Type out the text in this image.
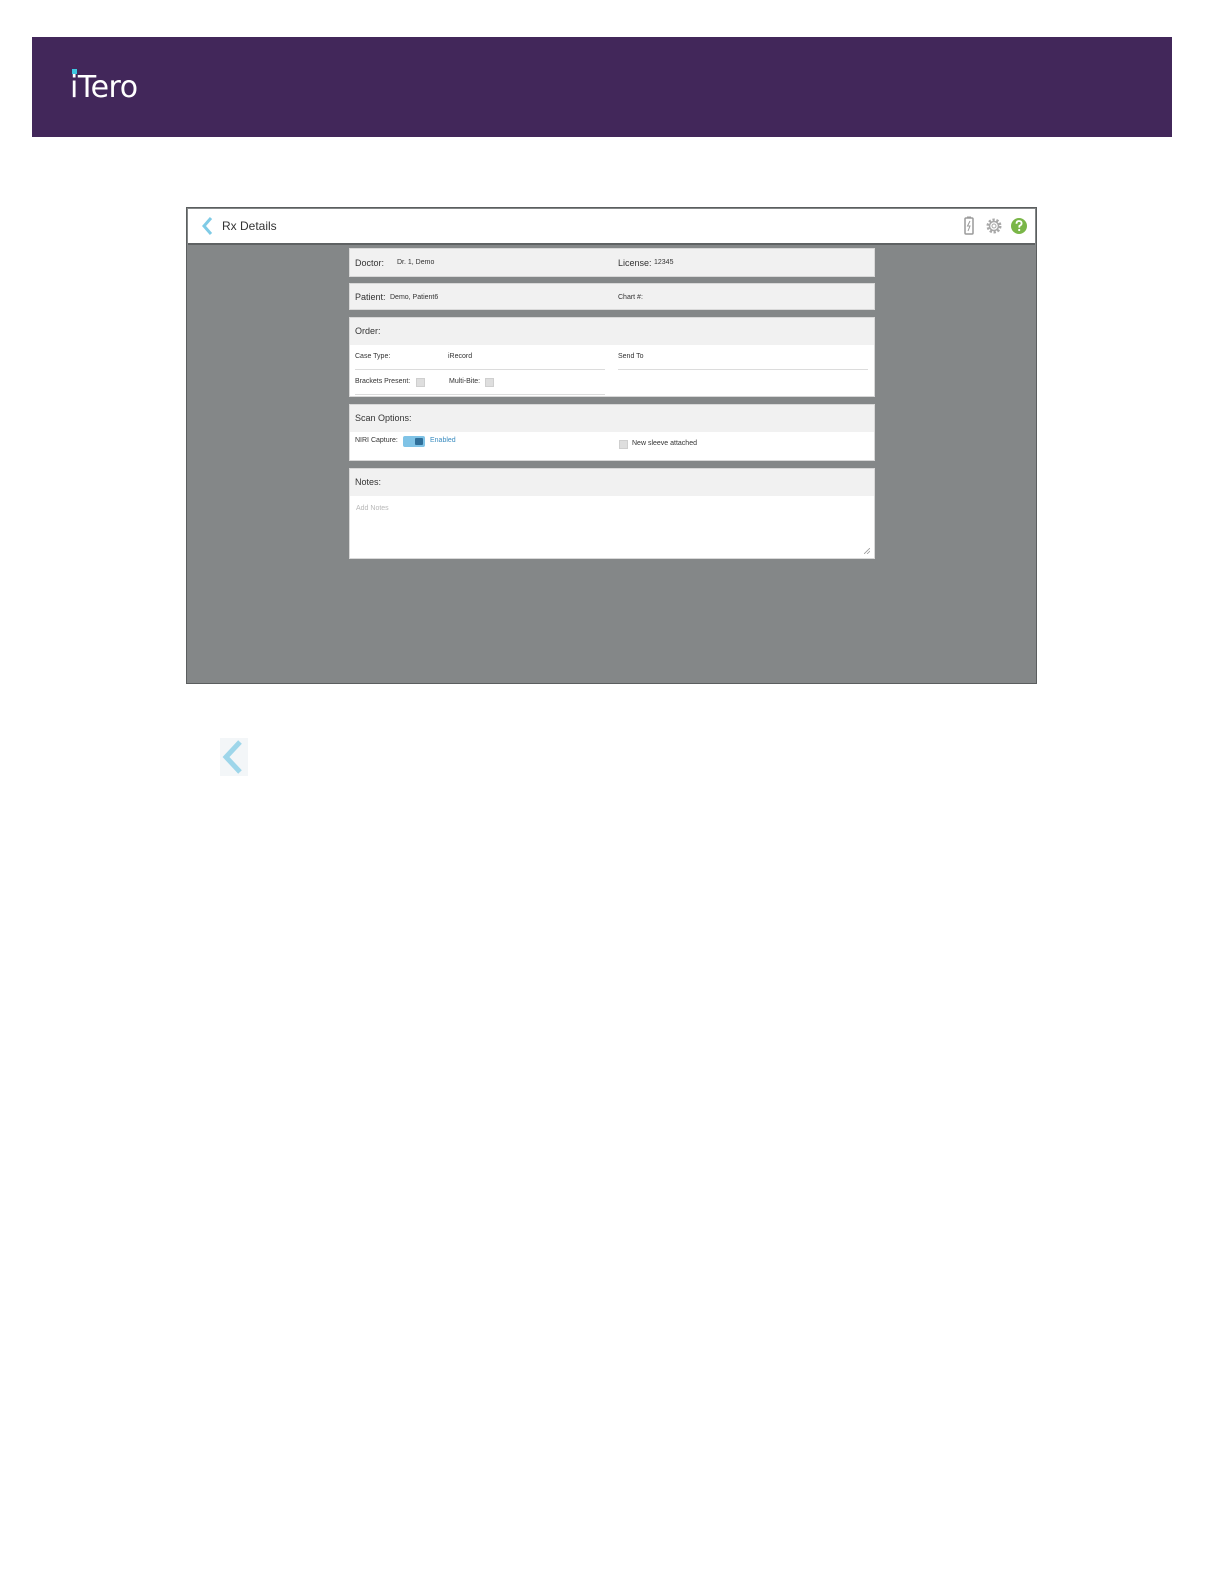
iTero
Rx Details
Doctor: Dr. 1, Demo	License: 12345
Patient: Demo, Patient6	Chart #:
Order:
Case Type:	iRecord	Send To
Brackets Present:	Multi-Bite:
Scan Options:
NIRI Capture:	Enabled	New sleeve attached
Notes:
Add Notes
